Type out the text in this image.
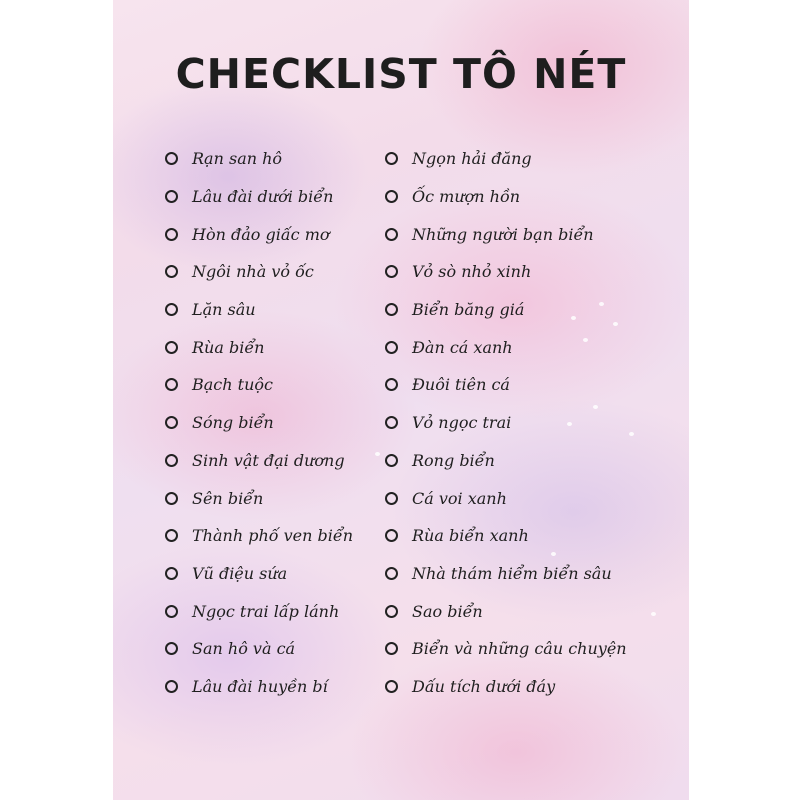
CHECKLIST TÔ NÉT
Rạn san hô
Lâu đài dưới biển
Hòn đảo giấc mơ
Ngôi nhà vỏ ốc
Lặn sâu
Rùa biển
Bạch tuộc
Sóng biển
Sinh vật đại dương
Sên biển
Thành phố ven biển
Vũ điệu sứa
Ngọc trai lấp lánh
San hô và cá
Lâu đài huyền bí
Ngọn hải đăng
Ốc mượn hồn
Những người bạn biển
Vỏ sò nhỏ xinh
Biển băng giá
Đàn cá xanh
Đuôi tiên cá
Vỏ ngọc trai
Rong biển
Cá voi xanh
Rùa biển xanh
Nhà thám hiểm biển sâu
Sao biển
Biển và những câu chuyện
Dấu tích dưới đáy
